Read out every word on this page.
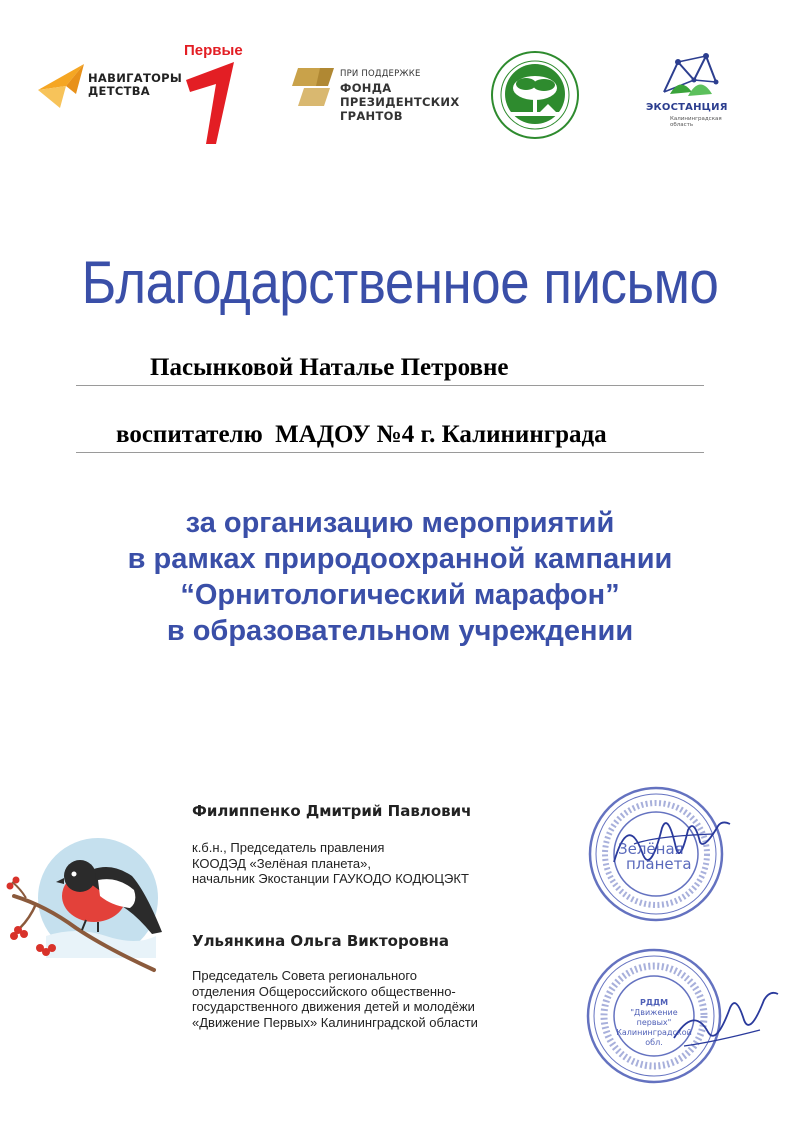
НАВИГАТОРЫ
ДЕТСТВА
Первые
ПРИ ПОДДЕРЖКЕ
ФОНДА
ПРЕЗИДЕНТСКИХ
ГРАНТОВ
ЭКОСТАНЦИЯ
Калининградская область
Благодарственное письмо
Пасынковой Наталье Петровне
воспитателю  МАДОУ №4 г. Калининграда
за организацию мероприятий
в рамках природоохранной кампании
“Орнитологический марафон”
в образовательном учреждении
Филиппенко Дмитрий Павлович
к.б.н., Председатель правления
КООДЭД «Зелёная планета»,
начальник Экостанции ГАУКОДО КОДЮЦЭКТ
Ульянкина Ольга Викторовна
Председатель Совета регионального
отделения Общероссийского общественно-
государственного движения детей и молодёжи
«Движение Первых» Калининградской области
Зелёная
планета
РДДМ
"Движение первых"
Калининградской обл.
